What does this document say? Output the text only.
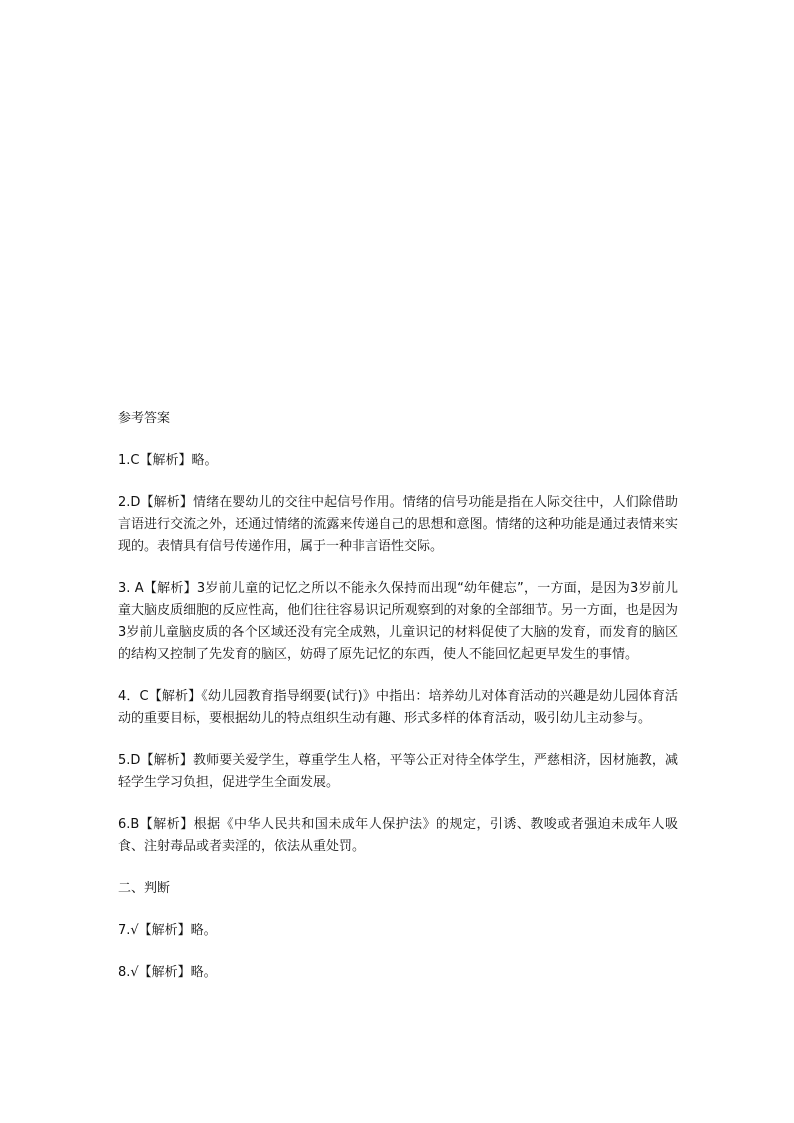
参考答案

1.C【解析】略。

2.D【解析】情绪在婴幼儿的交往中起信号作用。情绪的信号功能是指在人际交往中，人们除借助言语进行交流之外，还通过情绪的流露来传递自己的思想和意图。情绪的这种功能是通过表情来实现的。表情具有信号传递作用，属于一种非言语性交际。

3. A【解析】3岁前儿童的记忆之所以不能永久保持而出现“幼年健忘”，一方面，是因为3岁前儿童大脑皮质细胞的反应性高，他们往往容易识记所观察到的对象的全部细节。另一方面，也是因为3岁前儿童脑皮质的各个区域还没有完全成熟，儿童识记的材料促使了大脑的发育，而发育的脑区的结构又控制了先发育的脑区，妨碍了原先记忆的东西，使人不能回忆起更早发生的事情。

4．C【解析】《幼儿园教育指导纲要(试行)》中指出：培养幼儿对体育活动的兴趣是幼儿园体育活动的重要目标，要根据幼儿的特点组织生动有趣、形式多样的体育活动，吸引幼儿主动参与。

5.D【解析】教师要关爱学生，尊重学生人格，平等公正对待全体学生，严慈相济，因材施教，减轻学生学习负担，促进学生全面发展。

6.B【解析】根据《中华人民共和国未成年人保护法》的规定，引诱、教唆或者强迫未成年人吸食、注射毒品或者卖淫的，依法从重处罚。

二、判断

7.√【解析】略。

8.√【解析】略。
